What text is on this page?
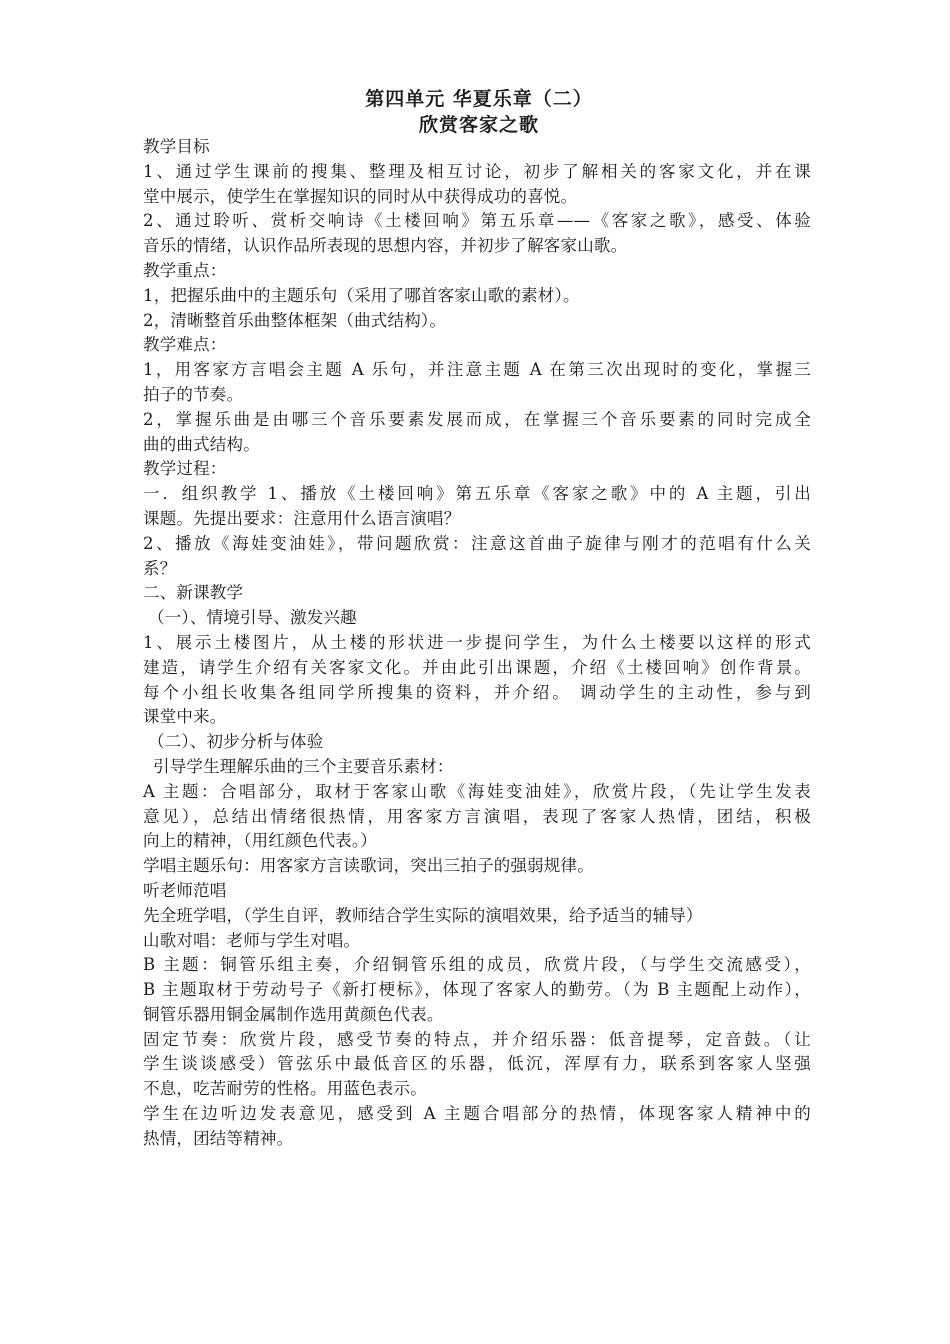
第四单元 华夏乐章（二）

欣赏客家之歌

教学目标
1、通过学生课前的搜集、整理及相互讨论，初步了解相关的客家文化，并在课
堂中展示，使学生在掌握知识的同时从中获得成功的喜悦。
2、通过聆听、赏析交响诗《土楼回响》第五乐章——《客家之歌》，感受、体验
音乐的情绪，认识作品所表现的思想内容，并初步了解客家山歌。
教学重点：
1，把握乐曲中的主题乐句（采用了哪首客家山歌的素材）。
2，清晰整首乐曲整体框架（曲式结构）。
教学难点：
1，用客家方言唱会主题 A 乐句，并注意主题 A 在第三次出现时的变化，掌握三
拍子的节奏。
2，掌握乐曲是由哪三个音乐要素发展而成，在掌握三个音乐要素的同时完成全
曲的曲式结构。
教学过程：
一．组织教学 1、播放《土楼回响》第五乐章《客家之歌》中的 A 主题，引出
课题。先提出要求：注意用什么语言演唱？
2、播放《海娃变油娃》，带问题欣赏：注意这首曲子旋律与刚才的范唱有什么关
系？
二、新课教学
（一）、情境引导、激发兴趣
1、展示土楼图片，从土楼的形状进一步提问学生，为什么土楼要以这样的形式
建造，请学生介绍有关客家文化。并由此引出课题，介绍《土楼回响》创作背景。
每个小组长收集各组同学所搜集的资料，并介绍。 调动学生的主动性，参与到
课堂中来。
（二）、初步分析与体验
引导学生理解乐曲的三个主要音乐素材：
A 主题：合唱部分，取材于客家山歌《海娃变油娃》，欣赏片段，（先让学生发表
意见），总结出情绪很热情，用客家方言演唱，表现了客家人热情，团结，积极
向上的精神，（用红颜色代表。）
学唱主题乐句：用客家方言读歌词，突出三拍子的强弱规律。
听老师范唱
先全班学唱，（学生自评，教师结合学生实际的演唱效果，给予适当的辅导）
山歌对唱：老师与学生对唱。
B 主题：铜管乐组主奏，介绍铜管乐组的成员，欣赏片段，（与学生交流感受），
B 主题取材于劳动号子《新打梗标》，体现了客家人的勤劳。（为 B 主题配上动作），
铜管乐器用铜金属制作选用黄颜色代表。
固定节奏：欣赏片段，感受节奏的特点，并介绍乐器：低音提琴，定音鼓。（让
学生谈谈感受）管弦乐中最低音区的乐器，低沉，浑厚有力，联系到客家人坚强
不息，吃苦耐劳的性格。用蓝色表示。
学生在边听边发表意见，感受到 A 主题合唱部分的热情，体现客家人精神中的
热情，团结等精神。
